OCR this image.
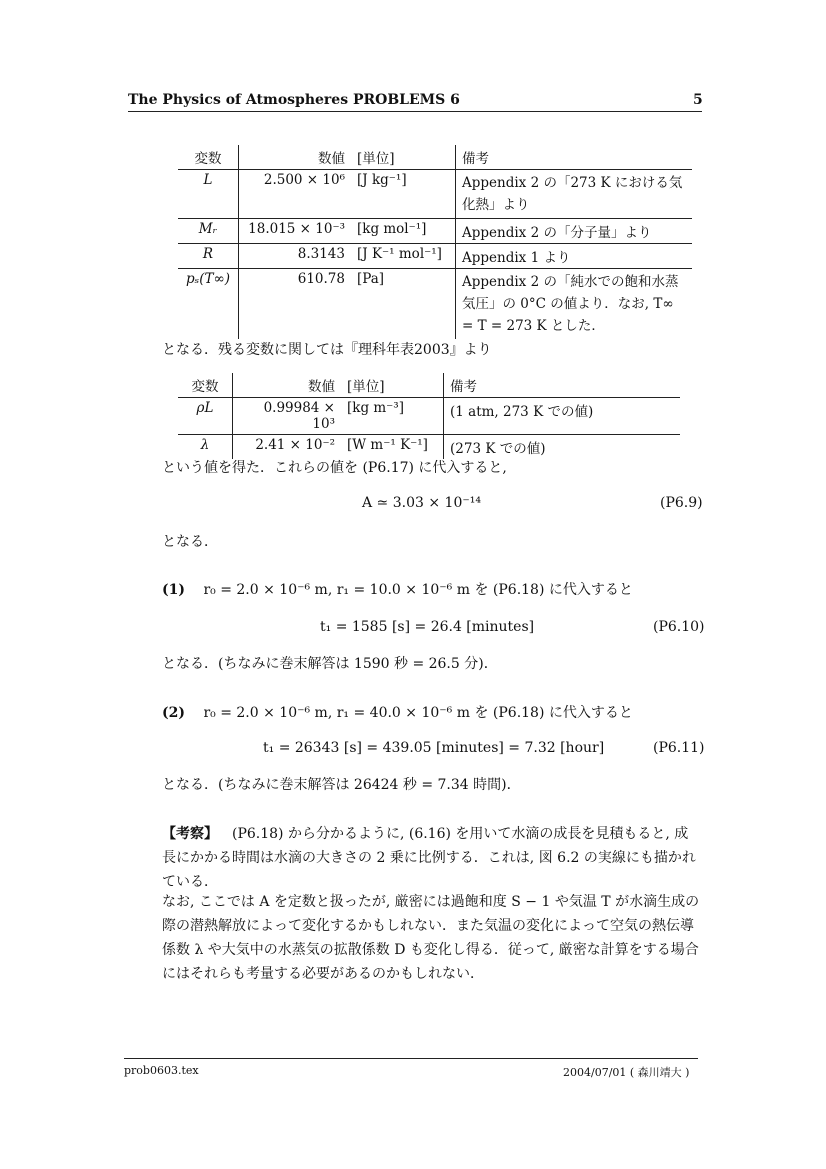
The Physics of Atmospheres PROBLEMS 6	5
変数	数値	[単位]	備考
L	2.500 × 10⁶	[J kg⁻¹]	Appendix 2 の「273 K における気化熱」より
Mᵣ	18.015 × 10⁻³	[kg mol⁻¹]	Appendix 2 の「分子量」より
R	8.3143	[J K⁻¹ mol⁻¹]	Appendix 1 より
pₛ(T∞)	610.78	[Pa]	Appendix 2 の「純水での飽和水蒸気圧」の 0°C の値より．なお, T∞ = T = 273 K とした．
となる．残る変数に関しては『理科年表2003』より
変数	数値	[単位]	備考
ρL	0.99984 × 10³	[kg m⁻³]	(1 atm, 273 K での値)
λ	2.41 × 10⁻²	[W m⁻¹ K⁻¹]	(273 K での値)
という値を得た．これらの値を (P6.17) に代入すると,
A ≃ 3.03 × 10⁻¹⁴	(P6.9)
となる．
(1) r₀ = 2.0 × 10⁻⁶ m, r₁ = 10.0 × 10⁻⁶ m を (P6.18) に代入すると
t₁ = 1585 [s] = 26.4 [minutes]	(P6.10)
となる．(ちなみに巻末解答は 1590 秒 = 26.5 分)．
(2) r₀ = 2.0 × 10⁻⁶ m, r₁ = 40.0 × 10⁻⁶ m を (P6.18) に代入すると
t₁ = 26343 [s] = 439.05 [minutes] = 7.32 [hour]	(P6.11)
となる．(ちなみに巻末解答は 26424 秒 = 7.34 時間)．
【考察】 (P6.18) から分かるように, (6.16) を用いて水滴の成長を見積もると, 成長にかかる時間は水滴の大きさの 2 乗に比例する．これは, 図 6.2 の実線にも描かれている．
なお, ここでは A を定数と扱ったが, 厳密には過飽和度 S − 1 や気温 T が水滴生成の際の潜熱解放によって変化するかもしれない．また気温の変化によって空気の熱伝導係数 λ や大気中の水蒸気の拡散係数 D も変化し得る．従って, 厳密な計算をする場合にはそれらも考量する必要があるのかもしれない．
prob0603.tex	2004/07/01 ( 森川靖大 )
